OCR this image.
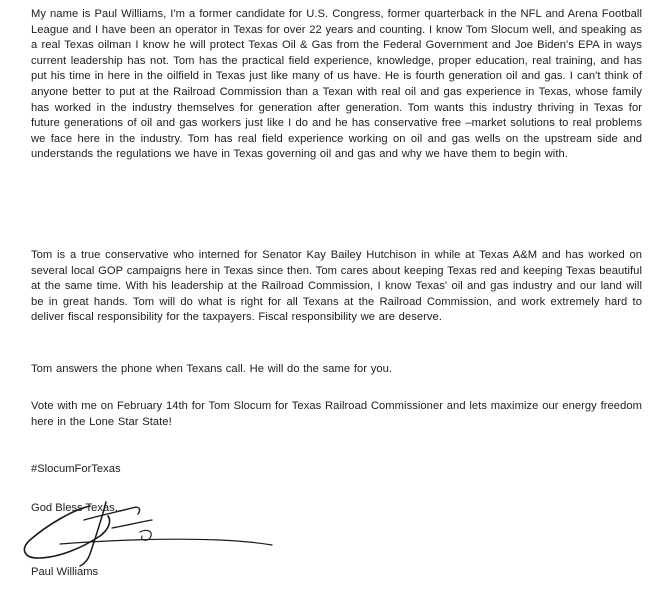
My name is Paul Williams, I'm a former candidate for U.S. Congress, former quarterback in the NFL and Arena Football League and I have been an operator in Texas for over 22 years and counting. I know Tom Slocum well, and speaking as a real Texas oilman I know he will protect Texas Oil & Gas from the Federal Government and Joe Biden's EPA in ways current leadership has not. Tom has the practical field experience, knowledge, proper education, real training, and has put his time in here in the oilfield in Texas just like many of us have. He is fourth generation oil and gas. I can't think of anyone better to put at the Railroad Commission than a Texan with real oil and gas experience in Texas, whose family has worked in the industry themselves for generation after generation. Tom wants this industry thriving in Texas for future generations of oil and gas workers just like I do and he has conservative free –market solutions to real problems we face here in the industry. Tom has real field experience working on oil and gas wells on the upstream side and understands the regulations we have in Texas governing oil and gas and why we have them to begin with.

Tom is a true conservative who interned for Senator Kay Bailey Hutchison in while at Texas A&M and has worked on several local GOP campaigns here in Texas since then. Tom cares about keeping Texas red and keeping Texas beautiful at the same time. With his leadership at the Railroad Commission, I know Texas' oil and gas industry and our land will be in great hands. Tom will do what is right for all Texans at the Railroad Commission, and work extremely hard to deliver fiscal responsibility for the taxpayers. Fiscal responsibility we are deserve.

Tom answers the phone when Texans call. He will do the same for you.

Vote with me on February 14th for Tom Slocum for Texas Railroad Commissioner and lets maximize our energy freedom here in the Lone Star State!

#SlocumForTexas

God Bless Texas,

Paul Williams
